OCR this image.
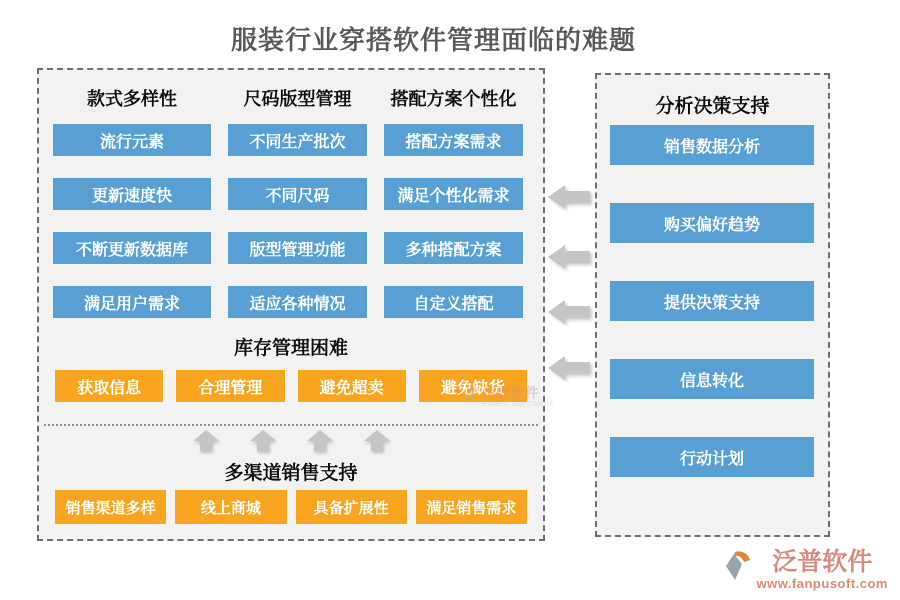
服装行业穿搭软件管理面临的难题
款式多样性
流行元素
更新速度快
不断更新数据库
满足用户需求
尺码版型管理
不同生产批次
不同尺码
版型管理功能
适应各种情况
搭配方案个性化
搭配方案需求
满足个性化需求
多种搭配方案
自定义搭配
库存管理困难
获取信息	合理管理	避免超卖	避免缺货
多渠道销售支持
销售渠道多样	线上商城	具备扩展性	满足销售需求
泛普软件
FANPU SOFTWARE
分析决策支持
销售数据分析
购买偏好趋势
提供决策支持
信息转化
行动计划
泛普软件
www.fanpusoft.com
